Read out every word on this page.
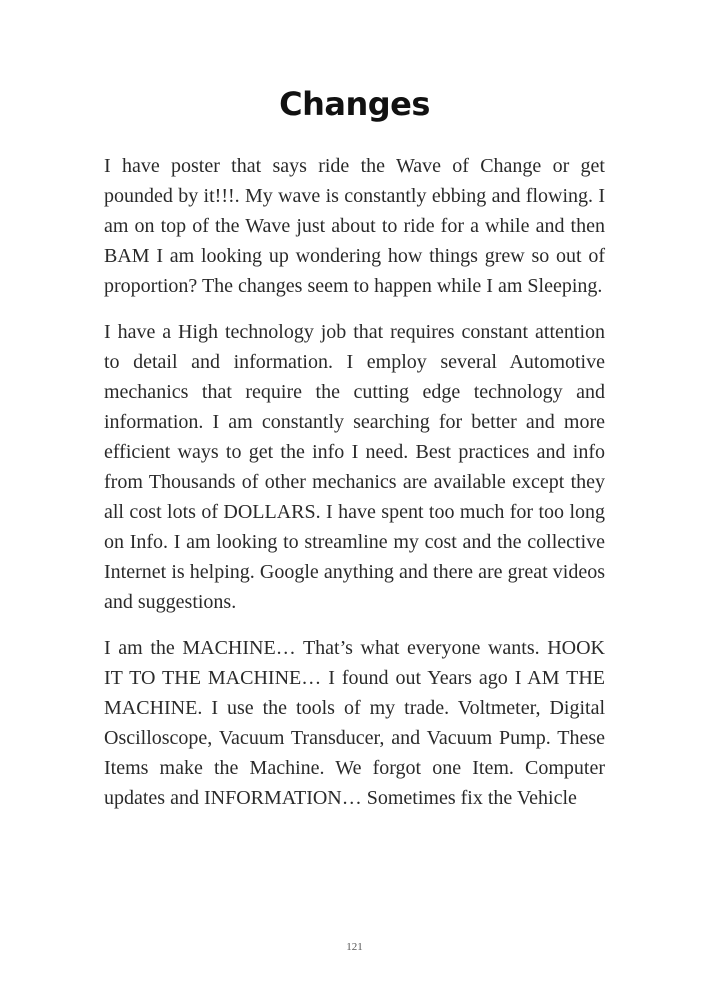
Changes

I have poster that says ride the Wave of Change or get pounded by it!!!. My wave is constantly ebbing and flowing. I am on top of the Wave just about to ride for a while and then BAM I am looking up wondering how things grew so out of proportion? The changes seem to happen while I am Sleeping.

I have a High technology job that requires constant attention to detail and information. I employ several Automotive mechanics that require the cutting edge technology and information. I am constantly searching for better and more efficient ways to get the info I need. Best practices and info from Thousands of other mechanics are available except they all cost lots of DOLLARS. I have spent too much for too long on Info. I am looking to streamline my cost and the collective Internet is helping. Google anything and there are great videos and suggestions.

I am the MACHINE… That’s what everyone wants. HOOK IT TO THE MACHINE… I found out Years ago I AM THE MACHINE. I use the tools of my trade. Voltmeter, Digital Oscilloscope, Vacuum Transducer, and Vacuum Pump. These Items make the Machine. We forgot one Item. Computer updates and INFORMATION… Sometimes fix the Vehicle

121
